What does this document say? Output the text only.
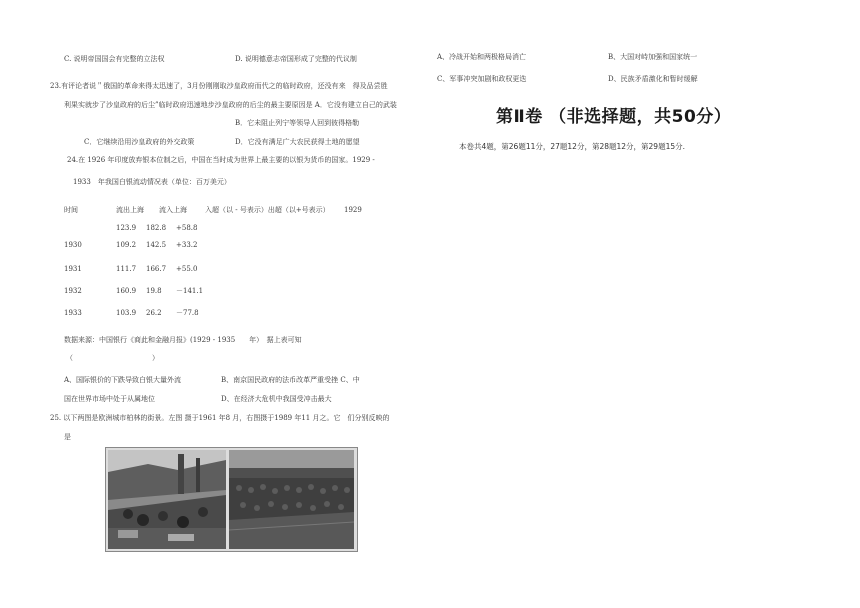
C. 说明帝国国会有完整的立法权	D. 说明德意志帝国形成了完整的代议制
23.有评论者说＂俄国的革命来得太迅速了，3月份刚刚取沙皇政府而代之的临时政府，还没有来　得及品尝胜
利果实就步了沙皇政府的后尘”临时政府迅速地步沙皇政府的后尘的最主要原因是 A．它没有建立自己的武装
B．它未阻止列宁等领导人回到彼得格勒
C．它继续沿用沙皇政府的外交政策	D．它没有满足广大农民获得土地的愿望
24.在 1926 年印度放弃银本位制之后，中国在当时成为世界上最主要的以银为货币的国家。1929 -
1933　年我国白银流动情况表（单位：百万美元）
时间	流出上海 流入上海	入超（以 - 号表示）出超（以+号表示） 1929
123.9 182.8 +58.8
1930	109.2 142.5 +33.2
1931	111.7 166.7 +55.0
1932	160.9 19.8 －141.1
1933	103.9 26.2 －77.8
数据来源：中国银行《商此和金融月报》(1929 - 1935　　年）　据上表可知
（	）
A、国际银价的下跌导致白银大量外流	B、南京国民政府的法币改革严重受挫 C、中
国在世界市场中处于从属地位	D、在经济大危机中我国受冲击最大
25. 以下两图是欧洲城市柏林的街景。左图 摄于1961 年8 月，右图摄于1989 年11 月之。它　们分别反映的
是
A、冷战开始和两极格局消亡	B、大国对峙加强和国家统一
C、军事冲突加剧和政权更迭	D、民族矛盾激化和暂时缓解
第Ⅱ卷 （非选择题，共50分）
本卷共4题，第26题11分，27题12分，第28题12分，第29题15分.
